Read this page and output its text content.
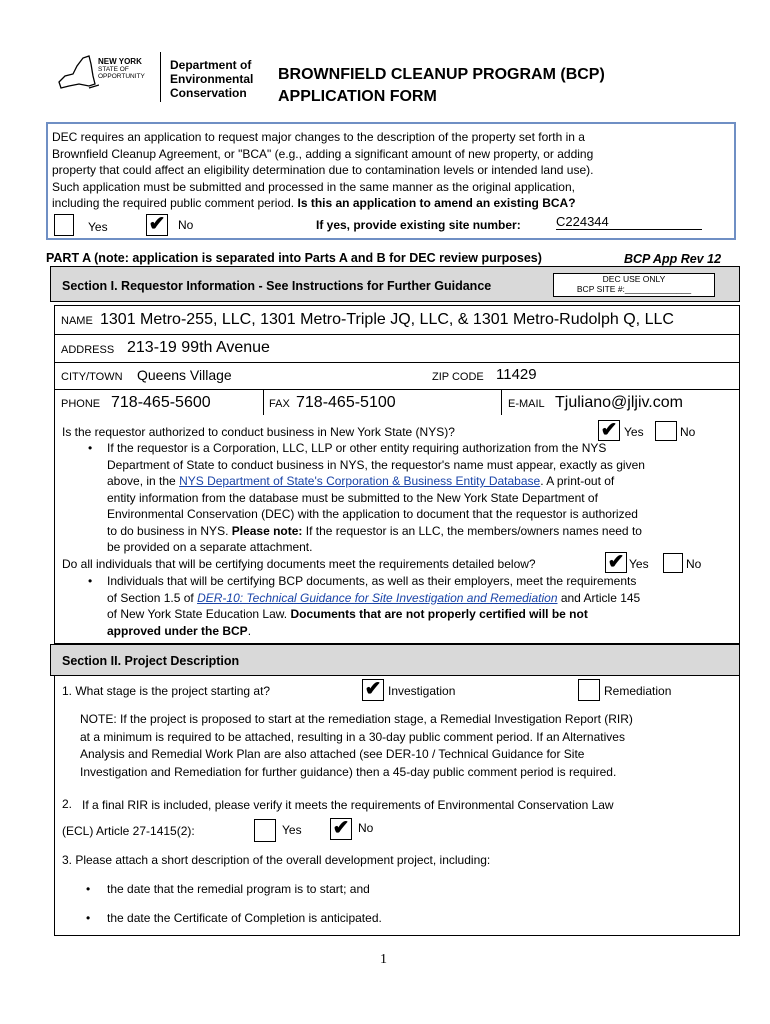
NEW YORK
STATE OF
OPPORTUNITY
Department of
Environmental
Conservation
BROWNFIELD CLEANUP PROGRAM (BCP)
APPLICATION FORM
DEC requires an application to request major changes to the description of the property set forth in a
Brownfield Cleanup Agreement, or "BCA" (e.g., adding a significant amount of new property, or adding
property that could affect an eligibility determination due to contamination levels or intended land use).
Such application must be submitted and processed in the same manner as the original application,
including the required public comment period. Is this an application to amend an existing BCA?
Yes ✔ No	If yes, provide existing site number:	C224344
PART A (note: application is separated into Parts A and B for DEC review purposes)	BCP App Rev 12
Section I. Requestor Information - See Instructions for Further Guidance	DEC USE ONLY
BCP SITE #:______________
NAME 1301 Metro-255, LLC, 1301 Metro-Triple JQ, LLC, & 1301 Metro-Rudolph Q, LLC
ADDRESS 213-19 99th Avenue
CITY/TOWN Queens Village	ZIP CODE 11429
PHONE 718-465-5600	FAX 718-465-5100	E-MAIL Tjuliano@jljiv.com
Is the requestor authorized to conduct business in New York State (NYS)?	✔ Yes	No
• If the requestor is a Corporation, LLC, LLP or other entity requiring authorization from the NYS
Department of State to conduct business in NYS, the requestor's name must appear, exactly as given
above, in the NYS Department of State's Corporation & Business Entity Database. A print-out of
entity information from the database must be submitted to the New York State Department of
Environmental Conservation (DEC) with the application to document that the requestor is authorized
to do business in NYS. Please note: If the requestor is an LLC, the members/owners names need to
be provided on a separate attachment.
Do all individuals that will be certifying documents meet the requirements detailed below?	✔ Yes	No
• Individuals that will be certifying BCP documents, as well as their employers, meet the requirements
of Section 1.5 of DER-10: Technical Guidance for Site Investigation and Remediation and Article 145
of New York State Education Law. Documents that are not properly certified will be not
approved under the BCP.
Section II. Project Description
1. What stage is the project starting at?	✔ Investigation	Remediation
NOTE: If the project is proposed to start at the remediation stage, a Remedial Investigation Report (RIR)
at a minimum is required to be attached, resulting in a 30-day public comment period. If an Alternatives
Analysis and Remedial Work Plan are also attached (see DER-10 / Technical Guidance for Site
Investigation and Remediation for further guidance) then a 45-day public comment period is required.
2. If a final RIR is included, please verify it meets the requirements of Environmental Conservation Law
(ECL) Article 27-1415(2):	Yes ✔ No
3. Please attach a short description of the overall development project, including:
• the date that the remedial program is to start; and
• the date the Certificate of Completion is anticipated.
1
